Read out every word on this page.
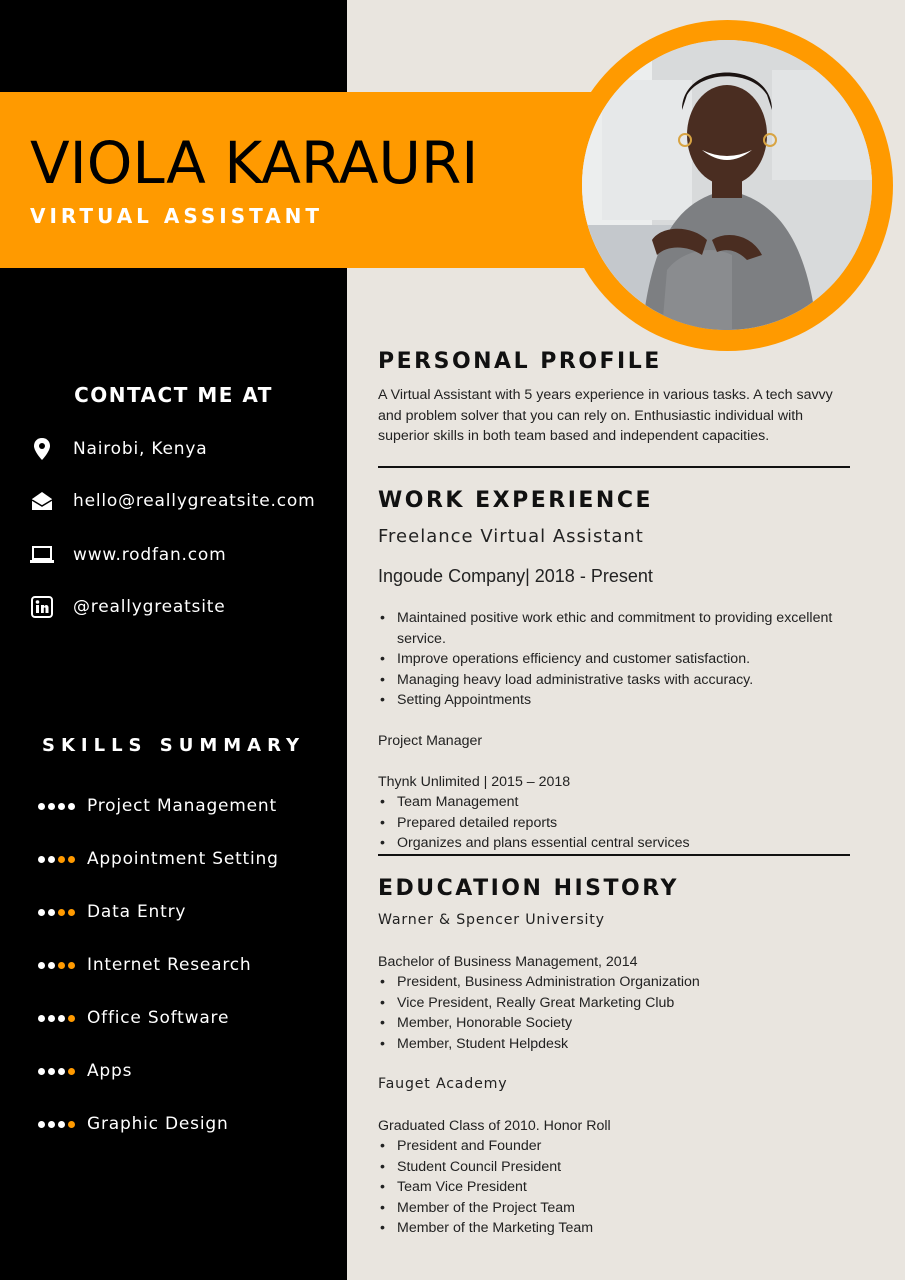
VIOLA KARAURI
VIRTUAL ASSISTANT
CONTACT ME AT
Nairobi, Kenya
hello@reallygreatsite.com
www.rodfan.com
@reallygreatsite
SKILLS SUMMARY
Project Management
Appointment Setting
Data Entry
Internet Research
Office Software
Apps
Graphic Design
PERSONAL PROFILE

A Virtual Assistant with 5 years experience in various tasks. A tech savvy and problem solver that you can rely on. Enthusiastic individual with superior skills in both team based and independent capacities.

WORK EXPERIENCE

Freelance Virtual Assistant

Ingoude Company| 2018 - Present

• Maintained positive work ethic and commitment to providing excellent service.
• Improve operations efficiency and customer satisfaction.
• Managing heavy load administrative tasks with accuracy.
• Setting Appointments

Project Manager

Thynk Unlimited | 2015 – 2018

• Team Management
• Prepared detailed reports
• Organizes and plans essential central services
EDUCATION HISTORY

Warner & Spencer University

Bachelor of Business Management, 2014

• President, Business Administration Organization
• Vice President, Really Great Marketing Club
• Member, Honorable Society
• Member, Student Helpdesk

Fauget Academy

Graduated Class of 2010. Honor Roll

• President and Founder
• Student Council President
• Team Vice President
• Member of the Project Team
• Member of the Marketing Team
